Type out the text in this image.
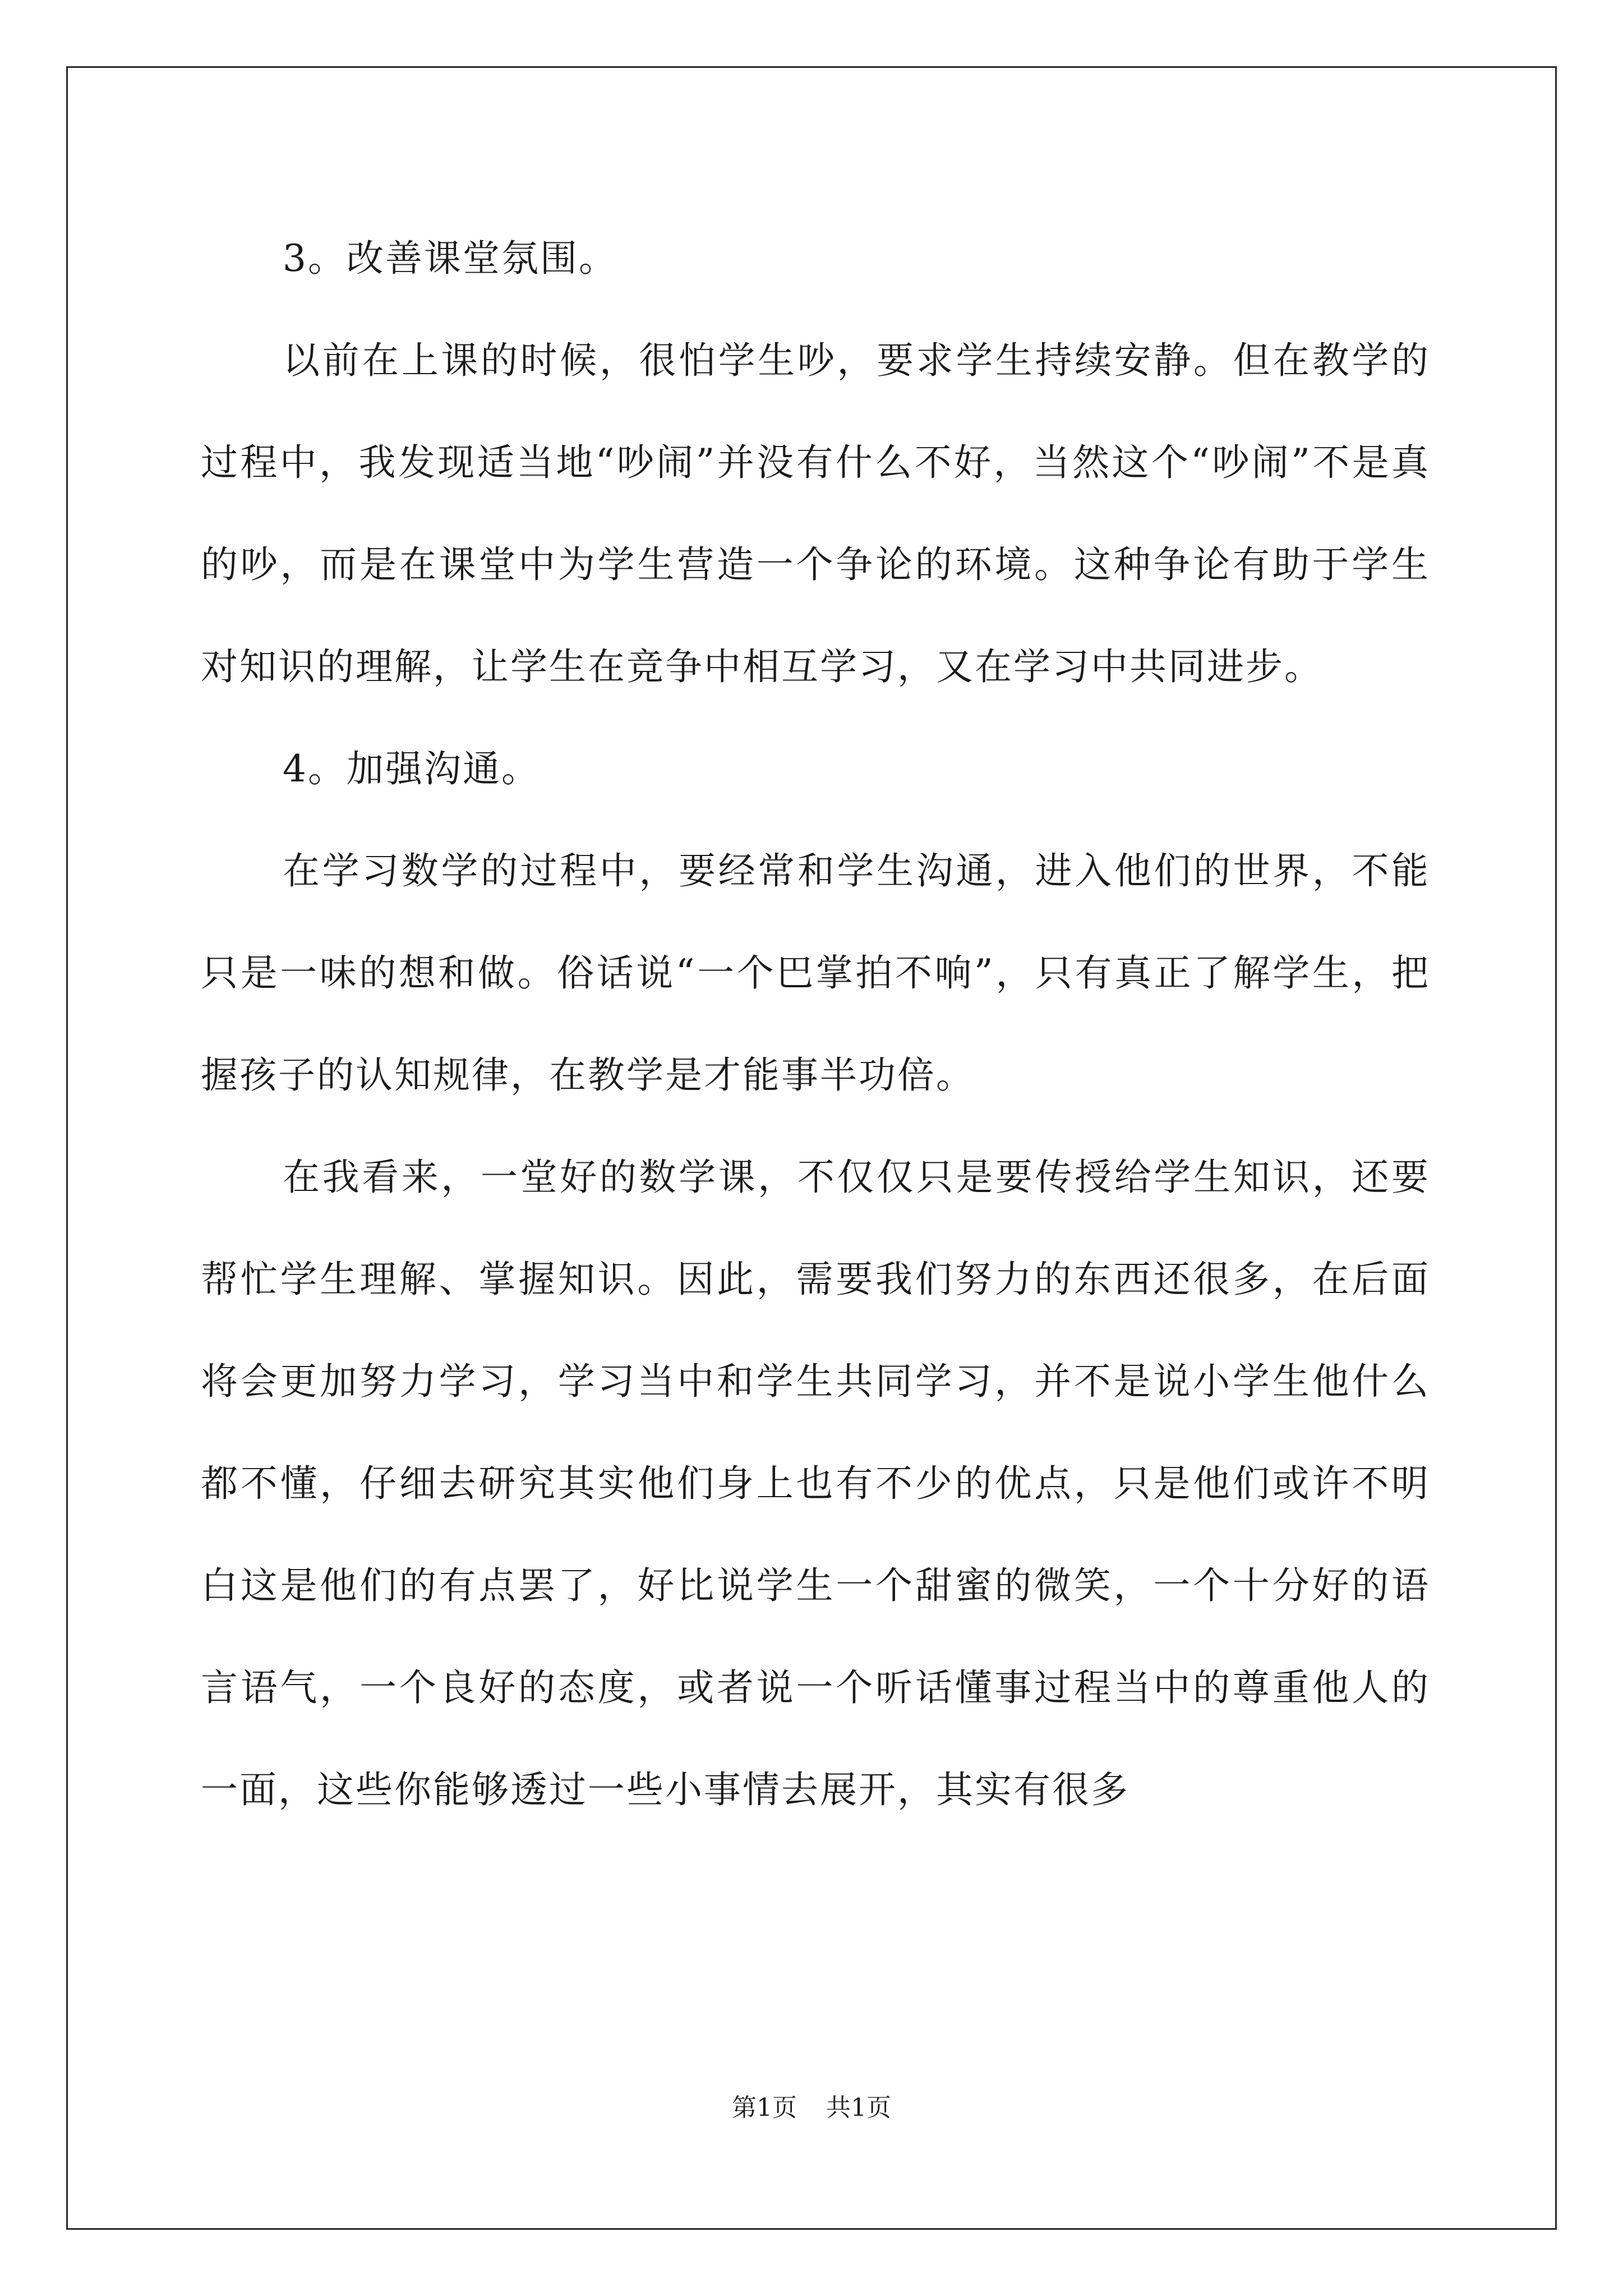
3。改善课堂氛围。

以前在上课的时候，很怕学生吵，要求学生持续安静。但在教学的过程中，我发现适当地“吵闹”并没有什么不好，当然这个“吵闹”不是真的吵，而是在课堂中为学生营造一个争论的环境。这种争论有助于学生对知识的理解，让学生在竞争中相互学习，又在学习中共同进步。

4。加强沟通。

在学习数学的过程中，要经常和学生沟通，进入他们的世界，不能只是一味的想和做。俗话说“一个巴掌拍不响”，只有真正了解学生，把握孩子的认知规律，在教学是才能事半功倍。

在我看来，一堂好的数学课，不仅仅只是要传授给学生知识，还要帮忙学生理解、掌握知识。因此，需要我们努力的东西还很多，在后面将会更加努力学习，学习当中和学生共同学习，并不是说小学生他什么都不懂，仔细去研究其实他们身上也有不少的优点，只是他们或许不明白这是他们的有点罢了，好比说学生一个甜蜜的微笑，一个十分好的语言语气，一个良好的态度，或者说一个听话懂事过程当中的尊重他人的一面，这些你能够透过一些小事情去展开，其实有很多

第1页 共1页
